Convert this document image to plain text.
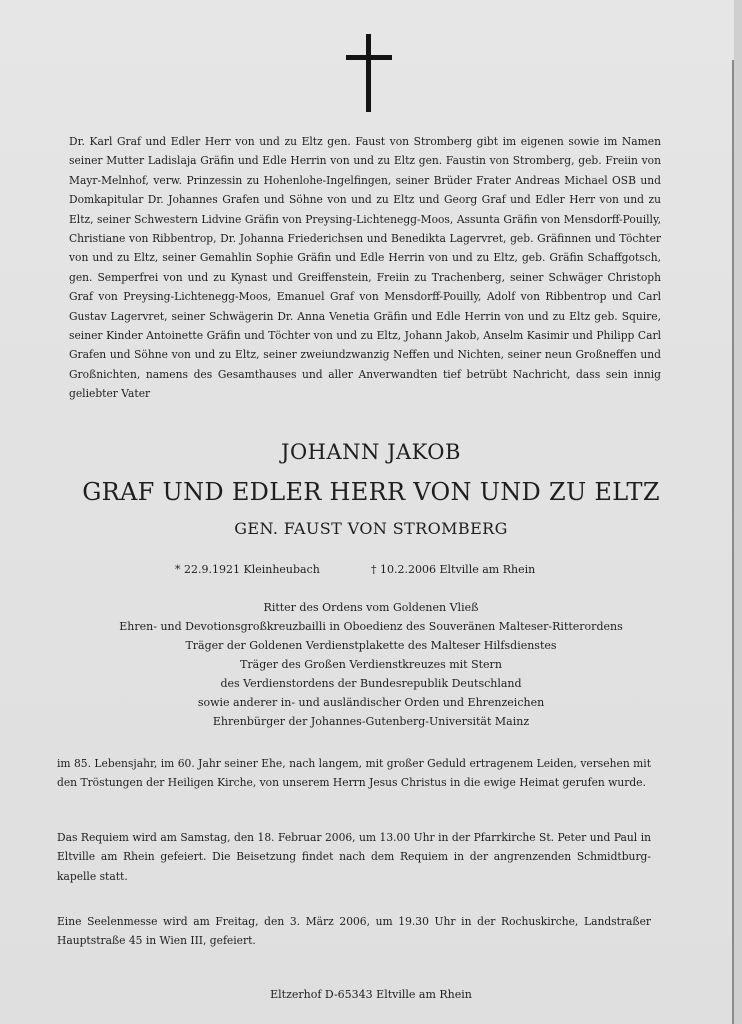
Dr. Karl Graf und Edler Herr von und zu Eltz gen. Faust von Stromberg gibt im eigenen sowie im Namen seiner Mutter Ladislaja Gräfin und Edle Herrin von und zu Eltz gen. Faustin von Stromberg, geb. Freiin von Mayr-Melnhof, verw. Prinzessin zu Hohenlohe-Ingelfingen, seiner Brüder Frater Andreas Michael OSB und Domkapitular Dr. Johannes Grafen und Söhne von und zu Eltz und Georg Graf und Edler Herr von und zu Eltz, seiner Schwestern Lidvine Gräfin von Preysing-Lichtenegg-Moos, Assunta Gräfin von Mensdorff-Pouilly, Christiane von Ribbentrop, Dr. Johanna Friederichsen und Benedikta Lagervret, geb. Gräfinnen und Töchter von und zu Eltz, seiner Gemahlin Sophie Gräfin und Edle Herrin von und zu Eltz, geb. Gräfin Schaffgotsch, gen. Semperfrei von und zu Kynast und Greiffenstein, Freiin zu Trachenberg, seiner Schwäger Christoph Graf von Preysing-Lichtenegg-Moos, Emanuel Graf von Mensdorff-Pouilly, Adolf von Ribbentrop und Carl Gustav Lagervret, seiner Schwägerin Dr. Anna Venetia Gräfin und Edle Herrin von und zu Eltz geb. Squire, seiner Kinder Antoinette Gräfin und Töchter von und zu Eltz, Johann Jakob, Anselm Kasimir und Philipp Carl Grafen und Söhne von und zu Eltz, seiner zweiundzwanzig Neffen und Nichten, seiner neun Großneffen und Großnichten, namens des Gesamthauses und aller Anverwandten tief betrübt Nachricht, dass sein innig geliebter Vater

JOHANN JAKOB
GRAF UND EDLER HERR VON UND ZU ELTZ
GEN. FAUST VON STROMBERG
* 22.9.1921 Kleinheubach	† 10.2.2006 Eltville am Rhein
Ritter des Ordens vom Goldenen Vließ
Ehren- und Devotionsgroßkreuzbailli in Oboedienz des Souveränen Malteser-Ritterordens
Träger der Goldenen Verdienstplakette des Malteser Hilfsdienstes
Träger des Großen Verdienstkreuzes mit Stern
des Verdienstordens der Bundesrepublik Deutschland
sowie anderer in- und ausländischer Orden und Ehrenzeichen
Ehrenbürger der Johannes-Gutenberg-Universität Mainz

im 85. Lebensjahr, im 60. Jahr seiner Ehe, nach langem, mit großer Geduld ertragenem Leiden, versehen mit den Tröstungen der Heiligen Kirche, von unserem Herrn Jesus Christus in die ewige Heimat gerufen wurde.

Das Requiem wird am Samstag, den 18. Februar 2006, um 13.00 Uhr in der Pfarrkirche St. Peter und Paul in Eltville am Rhein gefeiert. Die Beisetzung findet nach dem Requiem in der angrenzenden Schmidtburg-kapelle statt.

Eine Seelenmesse wird am Freitag, den 3. März 2006, um 19.30 Uhr in der Rochuskirche, Landstraßer Hauptstraße 45 in Wien III, gefeiert.

Eltzerhof D-65343 Eltville am Rhein
